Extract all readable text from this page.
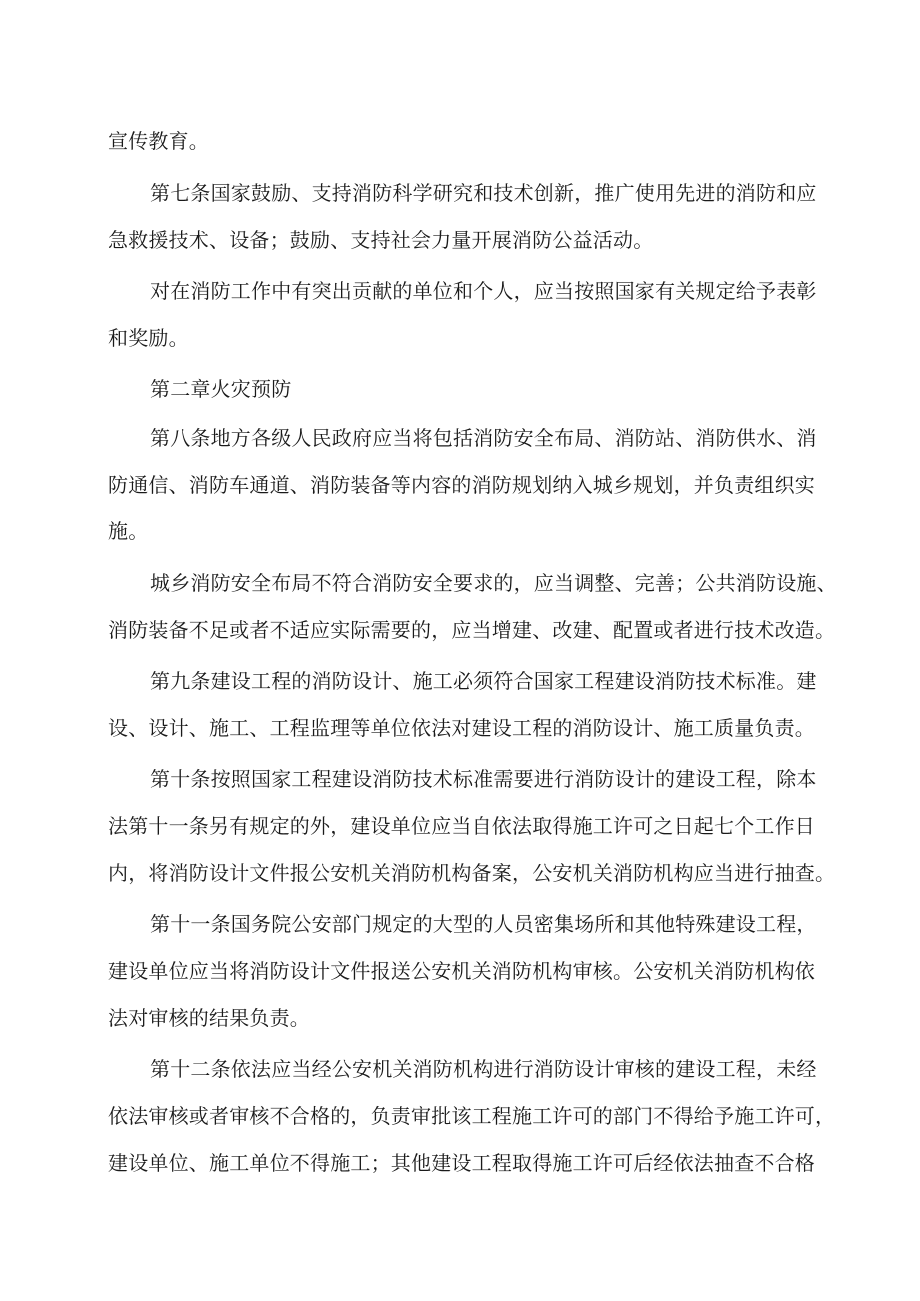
宣传教育。
第七条国家鼓励、支持消防科学研究和技术创新，推广使用先进的消防和应
急救援技术、设备；鼓励、支持社会力量开展消防公益活动。
对在消防工作中有突出贡献的单位和个人，应当按照国家有关规定给予表彰
和奖励。
第二章火灾预防
第八条地方各级人民政府应当将包括消防安全布局、消防站、消防供水、消
防通信、消防车通道、消防装备等内容的消防规划纳入城乡规划，并负责组织实
施。
城乡消防安全布局不符合消防安全要求的，应当调整、完善；公共消防设施、
消防装备不足或者不适应实际需要的，应当增建、改建、配置或者进行技术改造。
第九条建设工程的消防设计、施工必须符合国家工程建设消防技术标准。建
设、设计、施工、工程监理等单位依法对建设工程的消防设计、施工质量负责。
第十条按照国家工程建设消防技术标准需要进行消防设计的建设工程，除本
法第十一条另有规定的外，建设单位应当自依法取得施工许可之日起七个工作日
内，将消防设计文件报公安机关消防机构备案，公安机关消防机构应当进行抽查。
第十一条国务院公安部门规定的大型的人员密集场所和其他特殊建设工程，
建设单位应当将消防设计文件报送公安机关消防机构审核。公安机关消防机构依
法对审核的结果负责。
第十二条依法应当经公安机关消防机构进行消防设计审核的建设工程，未经
依法审核或者审核不合格的，负责审批该工程施工许可的部门不得给予施工许可，
建设单位、施工单位不得施工；其他建设工程取得施工许可后经依法抽查不合格
